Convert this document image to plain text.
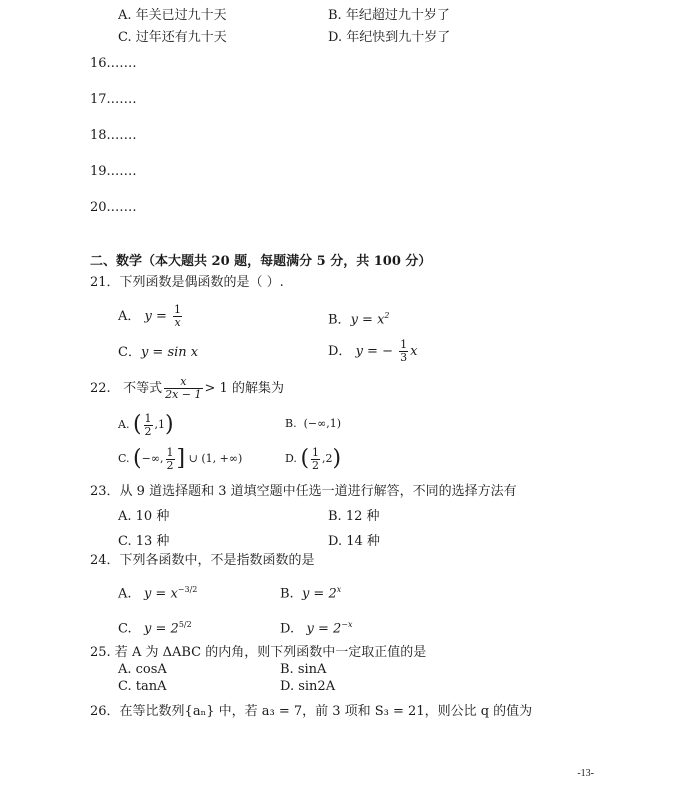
A. 年关已过九十天	B. 年纪超过九十岁了
C. 过年还有九十天	D. 年纪快到九十岁了
16.……
17.……
18.……
19.……
20.……
二、数学（本大题共 20 题，每题满分 5 分，共 100 分）
21．下列函数是偶函数的是（ ）.
A． $y = \frac{1}{x}$	B．$y = x^2$
C．y = sin x	D． y = − $\frac{1}{3}$ x
22. 不等式 $\frac{x}{2x - 1} > 1$ 的解集为
A. ( $\frac{1}{2} ,1$)	B. (−∞,1)
C. (−∞, $\frac{1}{2}$ ] ∪ (1, +∞)	D. ( $\frac{1}{2} ,2$)
23．从 9 道选择题和 3 道填空题中任选一道进行解答，不同的选择方法有
A. 10 种	B. 12 种
C. 13 种	D. 14 种
24．下列各函数中，不是指数函数的是
A. $y = x^{-3/2}$	B. $y = 2^x$
C. $y = 2^{5/2}$	D. $y = 2^{-x}$
25. 若 A 为 ΔABC 的内角，则下列函数中一定取正值的是
A. cosA	B. sinA
C. tanA	D. sin2A
26．在等比数列{aₙ} 中，若 a₃ = 7，前 3 项和 S₃ = 21，则公比 q 的值为
-13-
